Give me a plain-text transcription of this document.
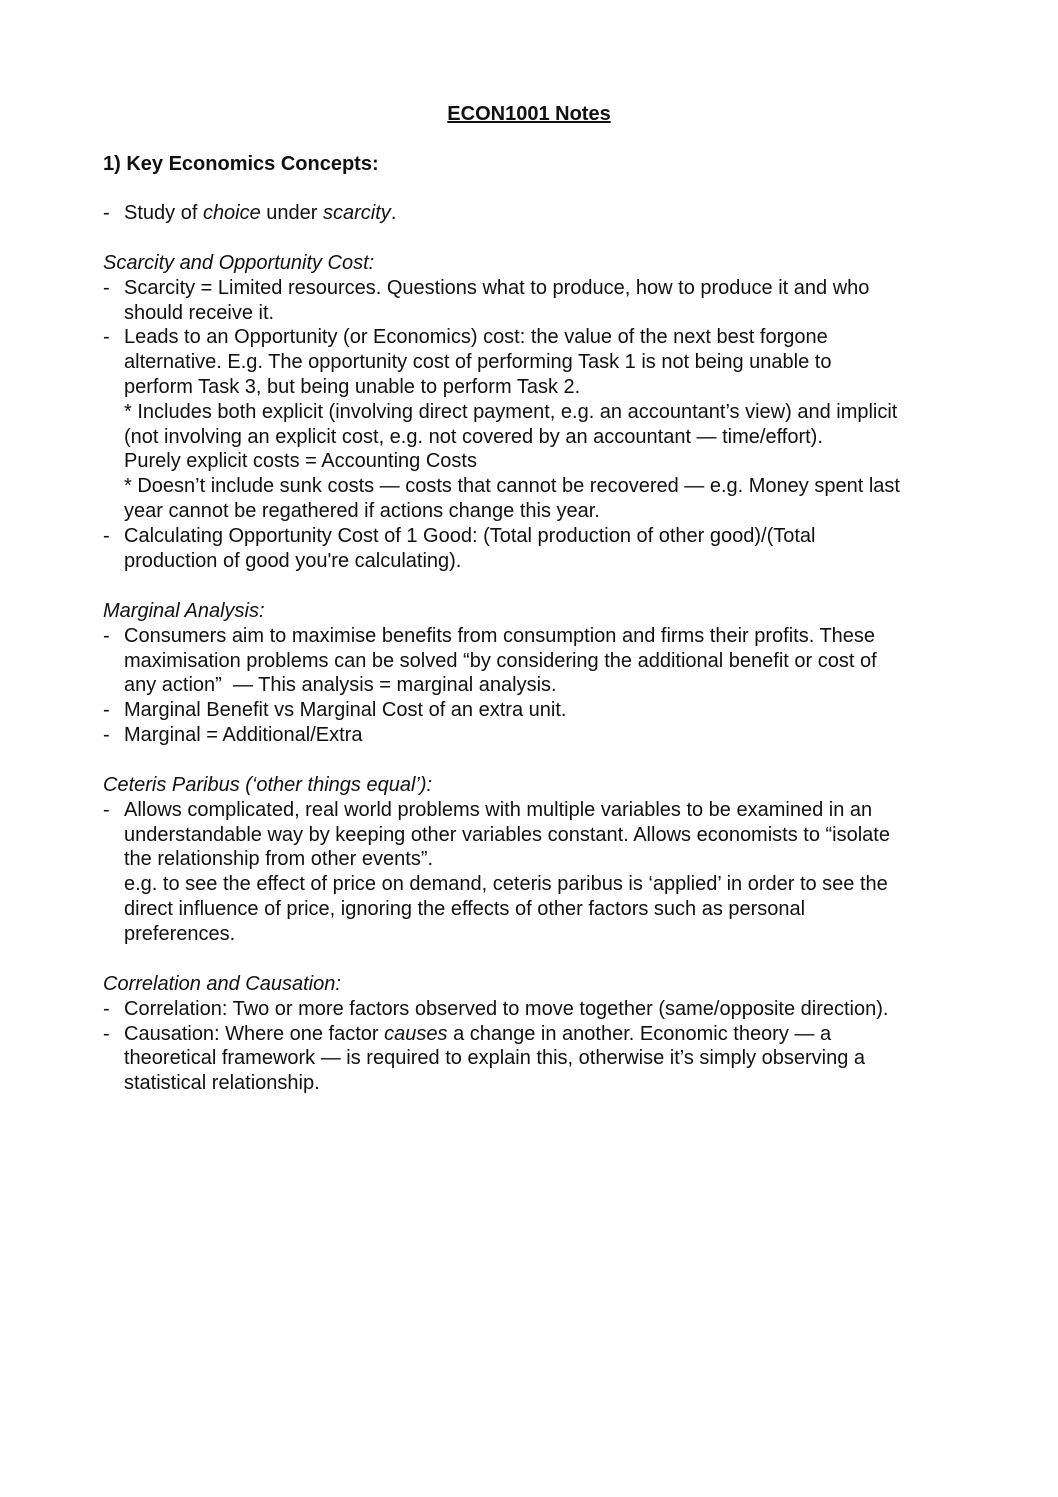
ECON1001 Notes
1) Key Economics Concepts:
- Study of choice under scarcity.

Scarcity and Opportunity Cost:

- Scarcity = Limited resources. Questions what to produce, how to produce it and who
should receive it.
- Leads to an Opportunity (or Economics) cost: the value of the next best forgone
alternative. E.g. The opportunity cost of performing Task 1 is not being unable to
perform Task 3, but being unable to perform Task 2.
* Includes both explicit (involving direct payment, e.g. an accountant’s view) and implicit
(not involving an explicit cost, e.g. not covered by an accountant — time/effort).
Purely explicit costs = Accounting Costs
* Doesn’t include sunk costs — costs that cannot be recovered — e.g. Money spent last
year cannot be regathered if actions change this year.
- Calculating Opportunity Cost of 1 Good: (Total production of other good)/(Total
production of good you're calculating).

Marginal Analysis:

- Consumers aim to maximise benefits from consumption and firms their profits. These
maximisation problems can be solved “by considering the additional benefit or cost of
any action”  — This analysis = marginal analysis.
- Marginal Benefit vs Marginal Cost of an extra unit.
- Marginal = Additional/Extra

Ceteris Paribus (‘other things equal’):

- Allows complicated, real world problems with multiple variables to be examined in an
understandable way by keeping other variables constant. Allows economists to “isolate
the relationship from other events”.
e.g. to see the effect of price on demand, ceteris paribus is ‘applied’ in order to see the
direct influence of price, ignoring the effects of other factors such as personal
preferences.

Correlation and Causation:

- Correlation: Two or more factors observed to move together (same/opposite direction).
- Causation: Where one factor causes a change in another. Economic theory — a
theoretical framework — is required to explain this, otherwise it’s simply observing a
statistical relationship.
